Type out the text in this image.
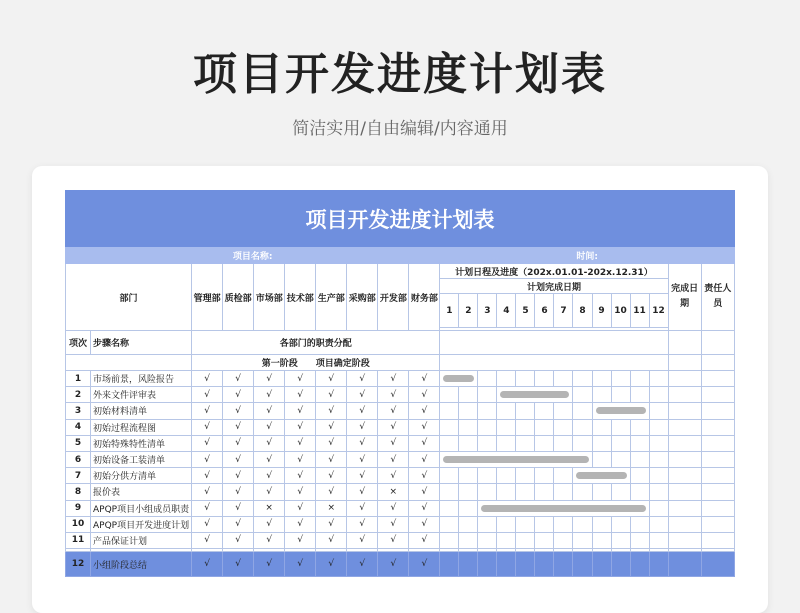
项目开发进度计划表
简洁实用/自由编辑/内容通用
项目开发进度计划表																							
项目名称:										时间:													
部门		管理部	质检部	市场部	技术部	生产部	采购部	开发部	财务部	计划日程及进度（202x.01.01-202x.12.31）												完成日期	责任人员
										计划完成日期													
										1	2	3	4	5	6	7	8	9	10	11	12		

项次	步骤名称	各部门的职责分配																					
		第一阶段　　项目确定阶段																					
1	市场前景，风险报告	√	√	√	√	√	√	√	√		

2	外来文件评审表	√	√	√	√	√	√	√	√							

3	初始材料清单	√	√	√	√	√	√	√	√											

4	初始过程流程图	√	√	√	√	√	√	√	√														
5	初始特殊特性清单	√	√	√	√	√	√	√	√														
6	初始设备工装清单	√	√	√	√	√	√	√	√								

7	初始分供方清单	√	√	√	√	√	√	√	√										

8	报价表	√	√	√	√	√	√	×	√														
9	APQP项目小组成员职责	√	√	×	√	×	√	√	√											

10	APQP项目开发进度计划	√	√	√	√	√	√	√	√														
11	产品保证计划	√	√	√	√	√	√	√	√														

12	小组阶段总结	√	√	√	√	√	√	√	√														
